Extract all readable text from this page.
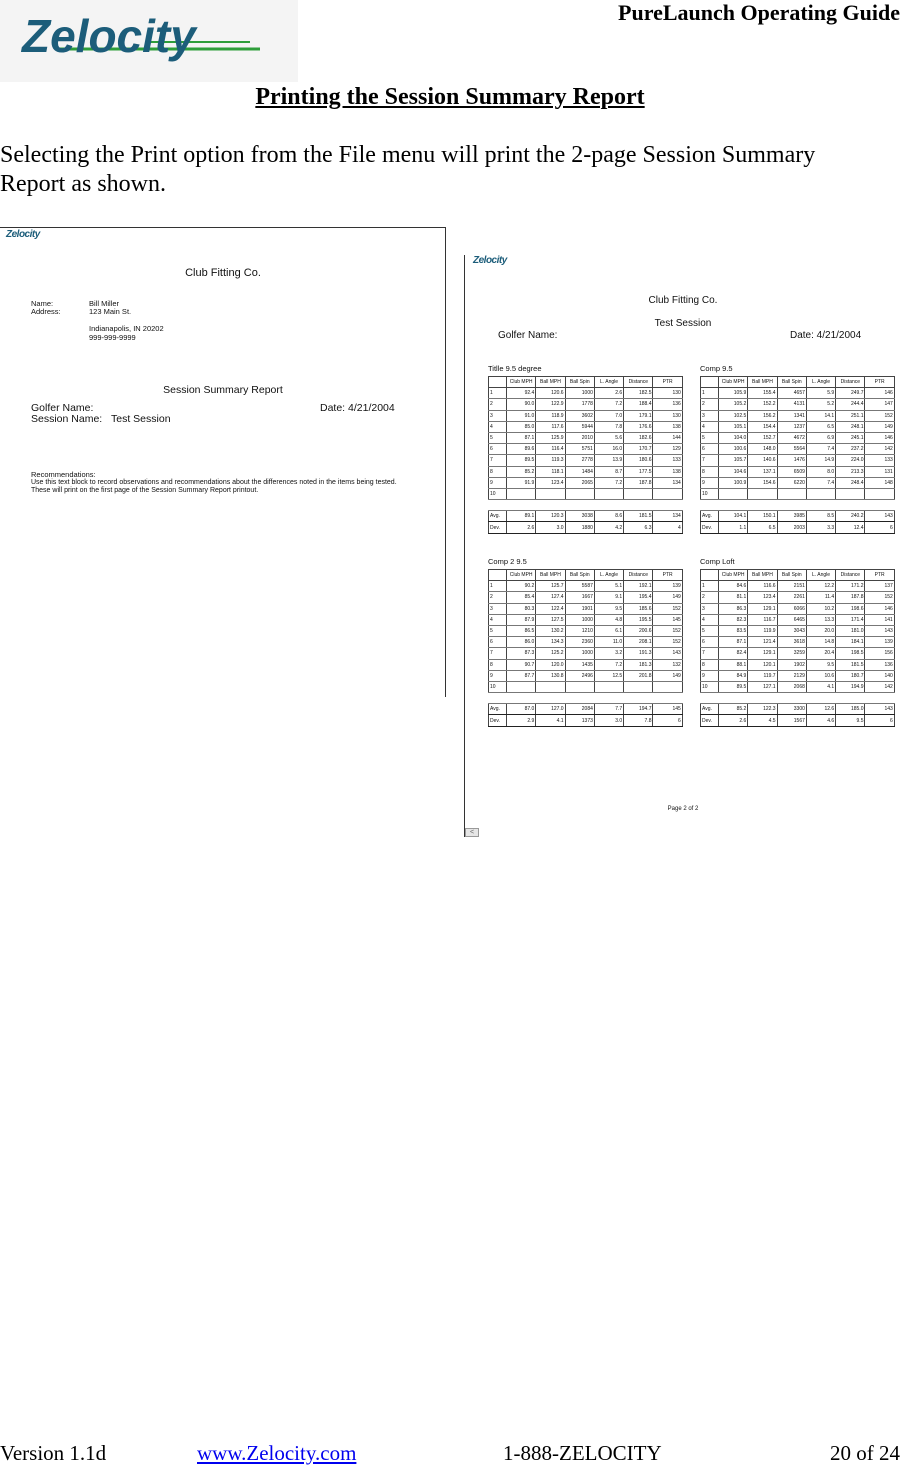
Zelocity	PureLaunch Operating Guide
Printing the Session Summary Report
Selecting the Print option from the File menu will print the 2-page Session Summary Report as shown.
Zelocity
Club Fitting Co.
Name:	Bill Miller
Address:	123 Main St.
Indianapolis, IN 20202
999-999-9999
Session Summary Report
Golfer Name:	Date: 4/21/2004
Session Name: Test Session
Recommendations:
Use this text block to record observations and recommendations about the differences noted in the items being tested.
These will print on the first page of the Session Summary Report printout.
Zelocity
Club Fitting Co.
Test Session
Golfer Name:	Date: 4/21/2004
Titlle 9.5 degree
	Club MPH	Ball MPH	Ball Spin	L. Angle	Distance	PTR
1	92.4	120.6	1000	2.6	182.5	130
2	90.0	122.9	1778	7.2	188.4	136
3	91.0	118.9	3602	7.0	179.1	130
4	85.0	117.6	5944	7.8	176.6	138
5	87.1	125.9	2010	5.6	182.6	144
6	89.6	116.4	5751	16.0	170.7	129
7	89.5	119.3	2778	13.9	180.6	133
8	85.2	118.1	1484	8.7	177.5	138
9	91.9	123.4	2065	7.2	187.8	134
10						

Avg.	89.1	120.3	3038	8.6	181.5	134
Dev.	2.6	3.0	1880	4.2	6.3	4
Comp 9.5
	Club MPH	Ball MPH	Ball Spin	L. Angle	Distance	PTR
1	105.9	155.4	4657	5.9	249.7	146
2	105.2	152.2	4131	5.2	244.4	147
3	102.5	156.2	1341	14.1	251.1	152
4	105.1	154.4	1237	6.5	248.1	149
5	104.0	152.7	4672	6.9	245.1	146
6	100.6	148.0	5564	7.4	237.2	142
7	105.7	140.6	1476	14.9	224.0	133
8	104.6	137.1	6509	8.0	213.3	131
9	100.9	154.6	6220	7.4	248.4	148
10						

Avg.	104.1	150.1	3985	8.5	240.2	143
Dev.	1.1	6.5	2003	3.3	12.4	6
Comp 2 9.5
	Club MPH	Ball MPH	Ball Spin	L. Angle	Distance	PTR
1	90.2	125.7	5587	5.1	192.1	139
2	85.4	127.4	1667	9.1	195.4	149
3	80.3	122.4	1901	9.5	185.6	152
4	87.9	127.5	1000	4.8	195.5	145
5	86.5	130.2	1210	6.1	200.6	152
6	86.0	134.3	2360	11.0	208.1	152
7	87.3	125.2	1000	3.2	191.3	143
8	90.7	120.0	1435	7.2	181.3	132
9	87.7	130.8	2496	12.5	201.8	149
10						

Avg.	87.0	127.0	2084	7.7	194.7	145
Dev.	2.9	4.1	1373	3.0	7.8	6
Comp Loft
	Club MPH	Ball MPH	Ball Spin	L. Angle	Distance	PTR
1	84.6	116.6	2151	12.2	171.2	137
2	81.1	123.4	2261	11.4	187.8	152
3	86.3	129.1	6066	10.2	198.6	146
4	82.3	116.7	6465	13.3	171.4	141
5	83.5	119.9	3043	20.0	181.0	143
6	87.1	121.4	3618	14.8	184.1	139
7	82.4	129.1	3259	20.4	198.5	156
8	88.1	120.1	1902	9.5	181.5	136
9	84.9	119.7	2129	10.6	180.7	140
10	89.5	127.1	2068	4.1	194.9	142

Avg.	85.2	122.3	3300	12.6	185.0	143
Dev.	2.6	4.5	1567	4.6	9.5	6
Page 2 of 2
<
Version 1.1d	www.Zelocity.com	1-888-ZELOCITY	20 of 24
